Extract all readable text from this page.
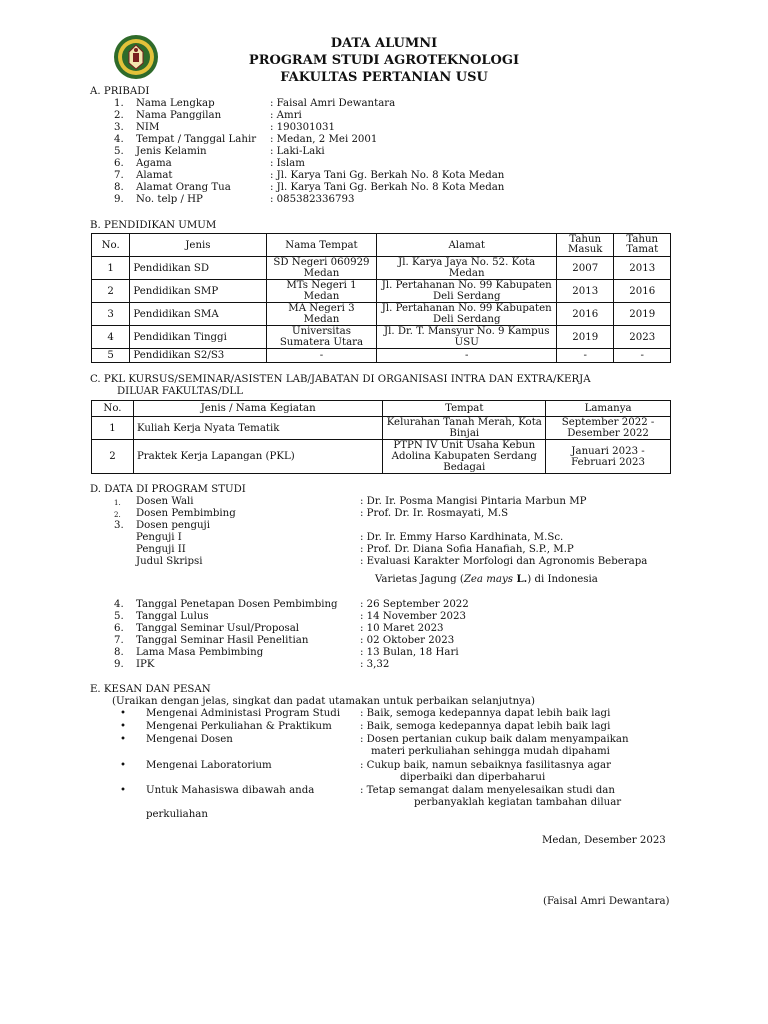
DATA ALUMNI
PROGRAM STUDI AGROTEKNOLOGI
FAKULTAS PERTANIAN USU
A. PRIBADI
1. Nama Lengkap	: Faisal Amri Dewantara
2. Nama Panggilan	: Amri
3. NIM	: 190301031
4. Tempat / Tanggal Lahir : Medan, 2 Mei 2001
5. Jenis Kelamin	: Laki-Laki
6. Agama	: Islam
7. Alamat	: Jl. Karya Tani Gg. Berkah No. 8 Kota Medan
8. Alamat Orang Tua	: Jl. Karya Tani Gg. Berkah No. 8 Kota Medan
9. No. telp / HP	: 085382336793
B. PENDIDIKAN UMUM
No.	Jenis	Nama Tempat	Alamat	Tahun Masuk	Tahun Tamat
1	Pendidikan SD	SD Negeri 060929 Medan	Jl. Karya Jaya No. 52. Kota Medan	2007	2013
2	Pendidikan SMP	MTs Negeri 1 Medan	Jl. Pertahanan No. 99 Kabupaten Deli Serdang	2013	2016
3	Pendidikan SMA	MA Negeri 3 Medan	Jl. Pertahanan No. 99 Kabupaten Deli Serdang	2016	2019
4	Pendidikan Tinggi	Universitas Sumatera Utara	Jl. Dr. T. Mansyur No. 9 Kampus USU	2019	2023
5	Pendidikan S2/S3	-	-	-	-
C. PKL KURSUS/SEMINAR/ASISTEN LAB/JABATAN DI ORGANISASI INTRA DAN EXTRA/KERJA
DILUAR FAKULTAS/DLL
No.	Jenis / Nama Kegiatan	Tempat	Lamanya
1	Kuliah Kerja Nyata Tematik	Kelurahan Tanah Merah, Kota Binjai	September 2022 - Desember 2022
2	Praktek Kerja Lapangan (PKL)	PTPN IV Unit Usaha Kebun Adolina Kabupaten Serdang Bedagai	Januari 2023 - Februari 2023
D. DATA DI PROGRAM STUDI
1. Dosen Wali	: Dr. Ir. Posma Mangisi Pintaria Marbun MP
2. Dosen Pembimbing	: Prof. Dr. Ir. Rosmayati, M.S
3. Dosen penguji
Penguji I	: Dr. Ir. Emmy Harso Kardhinata, M.Sc.
Penguji II	: Prof. Dr. Diana Sofia Hanafiah, S.P., M.P
Judul Skripsi	: Evaluasi Karakter Morfologi dan Agronomis Beberapa
Varietas Jagung (Zea mays L.) di Indonesia
4. Tanggal Penetapan Dosen Pembimbing : 26 September 2022
5. Tanggal Lulus	: 14 November 2023
6. Tanggal Seminar Usul/Proposal	: 10 Maret 2023
7. Tanggal Seminar Hasil Penelitian	: 02 Oktober 2023
8. Lama Masa Pembimbing	: 13 Bulan, 18 Hari
9. IPK	: 3,32
E. KESAN DAN PESAN
(Uraikan dengan jelas, singkat dan padat utamakan untuk perbaikan selanjutnya)
• Mengenai Administasi Program Studi : Baik, semoga kedepannya dapat lebih baik lagi
• Mengenai Perkuliahan & Praktikum	: Baik, semoga kedepannya dapat lebih baik lagi
• Mengenai Dosen	: Dosen pertanian cukup baik dalam menyampaikan
materi perkuliahan sehingga mudah dipahami
• Mengenai Laboratorium	: Cukup baik, namun sebaiknya fasilitasnya agar
diperbaiki dan diperbaharui
• Untuk Mahasiswa dibawah anda	: Tetap semangat dalam menyelesaikan studi dan
perbanyaklah kegiatan tambahan diluar
perkuliahan
Medan, Desember 2023
(Faisal Amri Dewantara)
